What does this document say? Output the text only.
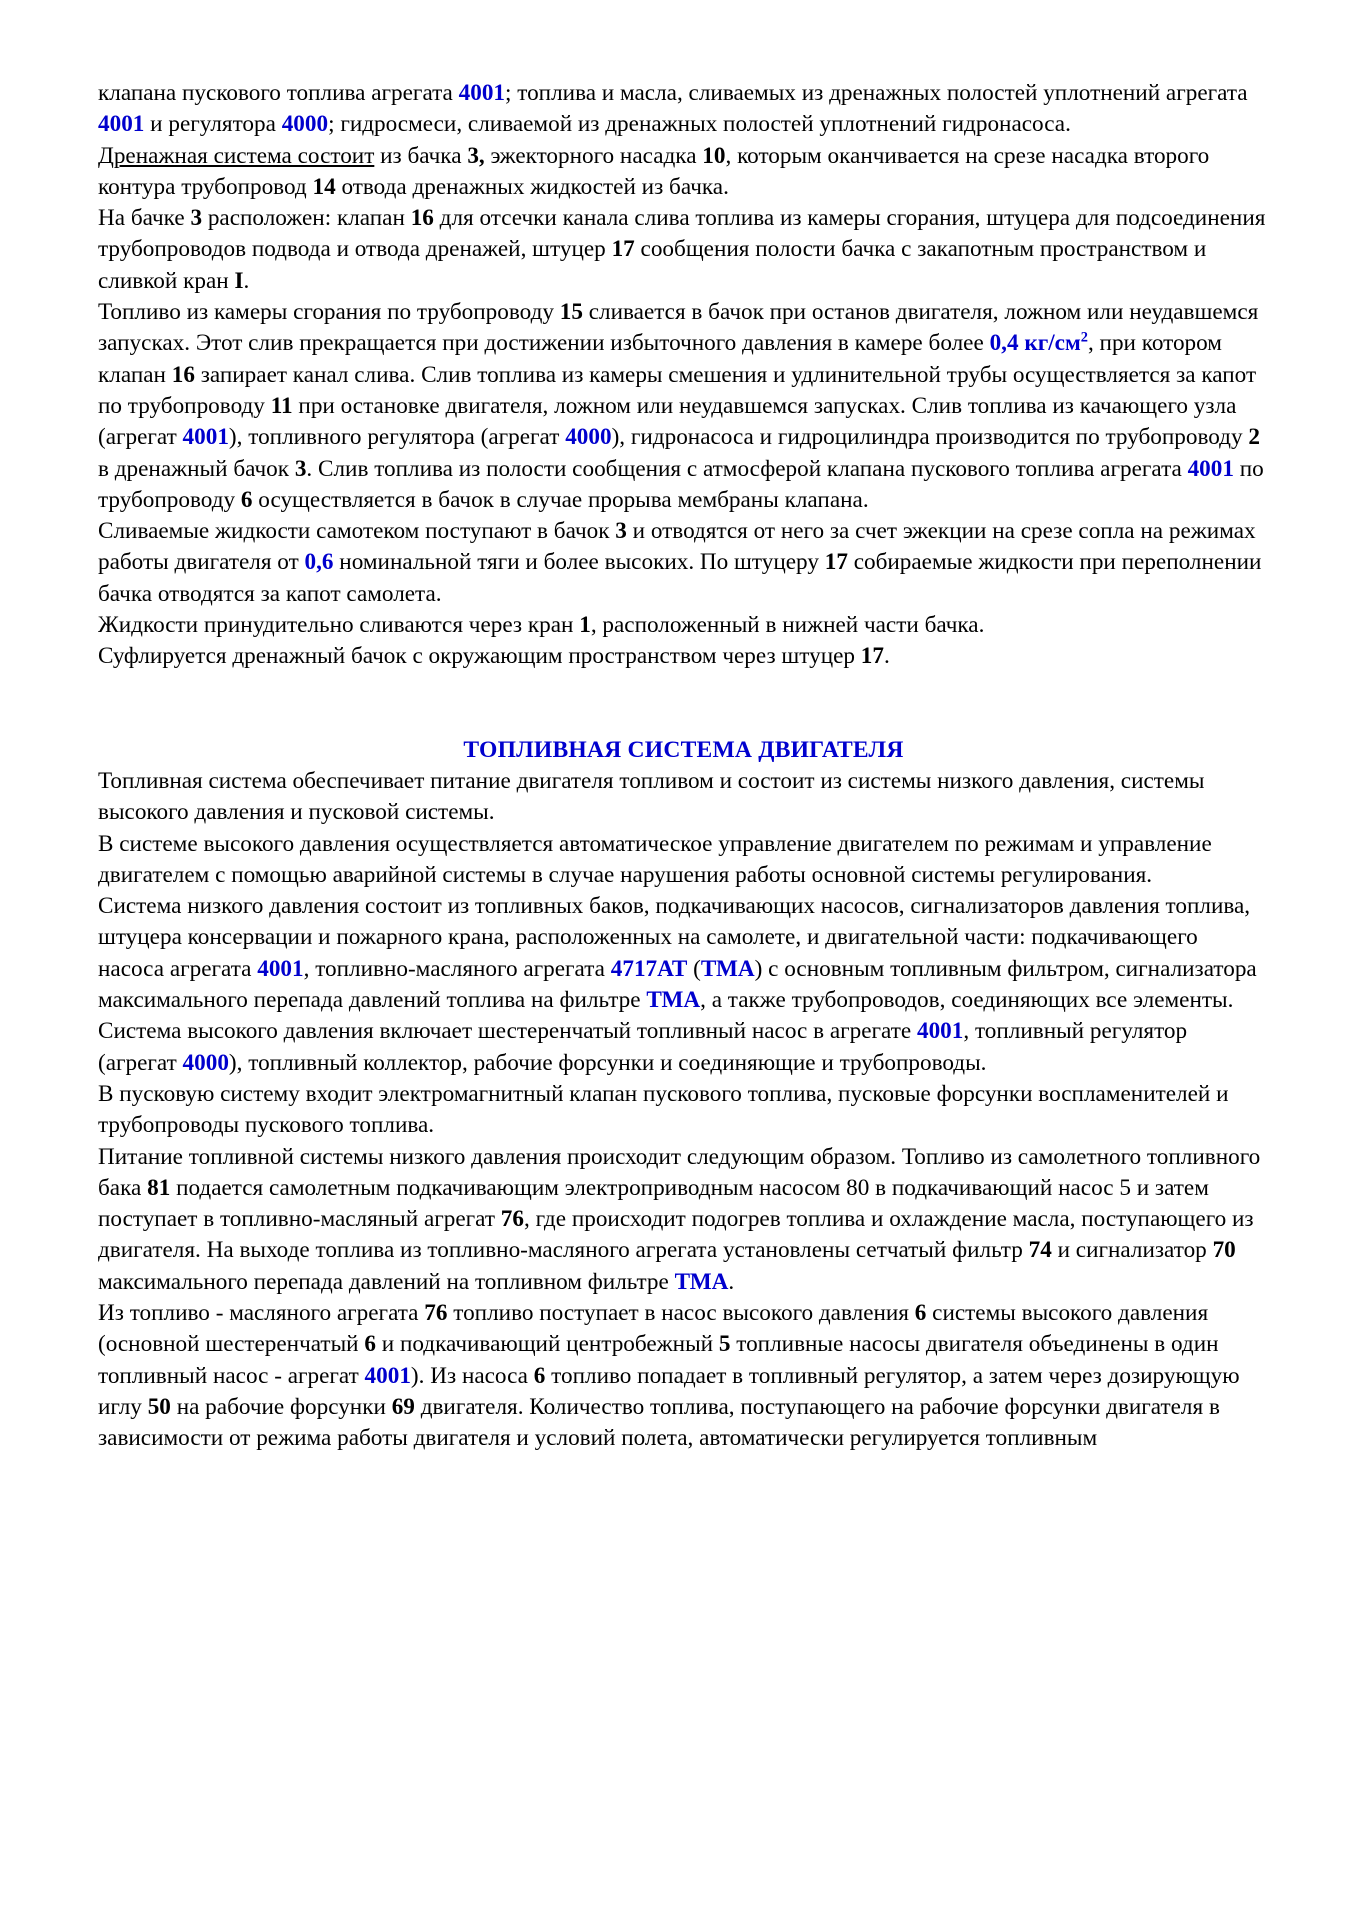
клапана пускового топлива агрегата 4001; топлива и масла, сливаемых из дренажных полостей уплотнений агрегата 4001 и регулятора 4000; гидросмеси, сливаемой из дренажных полостей уплотнений гидронасоса.

Дренажная система состоит из бачка 3, эжекторного насадка 10, которым оканчивается на срезе насадка второго контура трубопровод 14 отвода дренажных жидкостей из бачка.

На бачке 3 расположен: клапан 16 для отсечки канала слива топлива из камеры сгорания, штуцера для подсоединения трубопроводов подвода и отвода дренажей, штуцер 17 сообщения полости бачка с закапотным пространством и сливкой кран I.

Топливо из камеры сгорания по трубопроводу 15 сливается в бачок при останов двигателя, ложном или неудавшемся запусках. Этот слив прекращается при достижении избыточного давления в камере более 0,4 $кг/см^2$, при котором клапан 16 запирает канал слива. Слив топлива из камеры смешения и удлинительной трубы осуществляется за капот по трубопроводу 11 при остановке двигателя, ложном или неудавшемся запусках. Слив топлива из качающего узла (агрегат 4001), топливного регулятора (агрегат 4000), гидронасоса и гидроцилиндра производится по трубопроводу 2 в дренажный бачок 3. Слив топлива из полости сообщения с атмосферой клапана пускового топлива агрегата 4001 по трубопроводу 6 осуществляется в бачок в случае прорыва мембраны клапана.

Сливаемые жидкости самотеком поступают в бачок 3 и отводятся от него за счет эжекции на срезе сопла на режимах работы двигателя от 0,6 номинальной тяги и более высоких. По штуцеру 17 собираемые жидкости при переполнении бачка отводятся за капот самолета.

Жидкости принудительно сливаются через кран 1, расположенный в нижней части бачка.

Суфлируется дренажный бачок с окружающим пространством через штуцер 17.

ТОПЛИВНАЯ СИСТЕМА ДВИГАТЕЛЯ

Топливная система обеспечивает питание двигателя топливом и состоит из системы низкого давления, системы высокого давления и пусковой системы.

В системе высокого давления осуществляется автоматическое управление двигателем по режимам и управление двигателем с помощью аварийной системы в случае нарушения работы основной системы регулирования.

Система низкого давления состоит из топливных баков, подкачивающих насосов, сигнализаторов давления топлива, штуцера консервации и пожарного крана, расположенных на самолете, и двигательной части: подкачивающего насоса агрегата 4001, топливно-масляного агрегата 4717АТ (ТМА) с основным топливным фильтром, сигнализатора максимального перепада давлений топлива на фильтре ТМА, а также трубопроводов, соединяющих все элементы.

Система высокого давления включает шестеренчатый топливный насос в агрегате 4001, топливный регулятор (агрегат 4000), топливный коллектор, рабочие форсунки и соединяющие и трубопроводы.

В пусковую систему входит электромагнитный клапан пускового топлива, пусковые форсунки воспламенителей и трубопроводы пускового топлива.

Питание топливной системы низкого давления происходит следующим образом. Топливо из самолетного топливного бака 81 подается самолетным подкачивающим электроприводным насосом 80 в подкачивающий насос 5 и затем поступает в топливно-масляный агрегат 76, где происходит подогрев топлива и охлаждение масла, поступающего из двигателя. На выходе топлива из топливно-масляного агрегата установлены сетчатый фильтр 74 и сигнализатор 70 максимального перепада давлений на топливном фильтре ТМА.

Из топливо - масляного агрегата 76 топливо поступает в насос высокого давления 6 системы высокого давления (основной шестеренчатый 6 и подкачивающий центробежный 5 топливные насосы двигателя объединены в один топливный насос - агрегат 4001). Из насоса 6 топливо попадает в топливный регулятор, а затем через дозирующую иглу 50 на рабочие форсунки 69 двигателя. Количество топлива, поступающего на рабочие форсунки двигателя в зависимости от режима работы двигателя и условий полета, автоматически регулируется топливным
